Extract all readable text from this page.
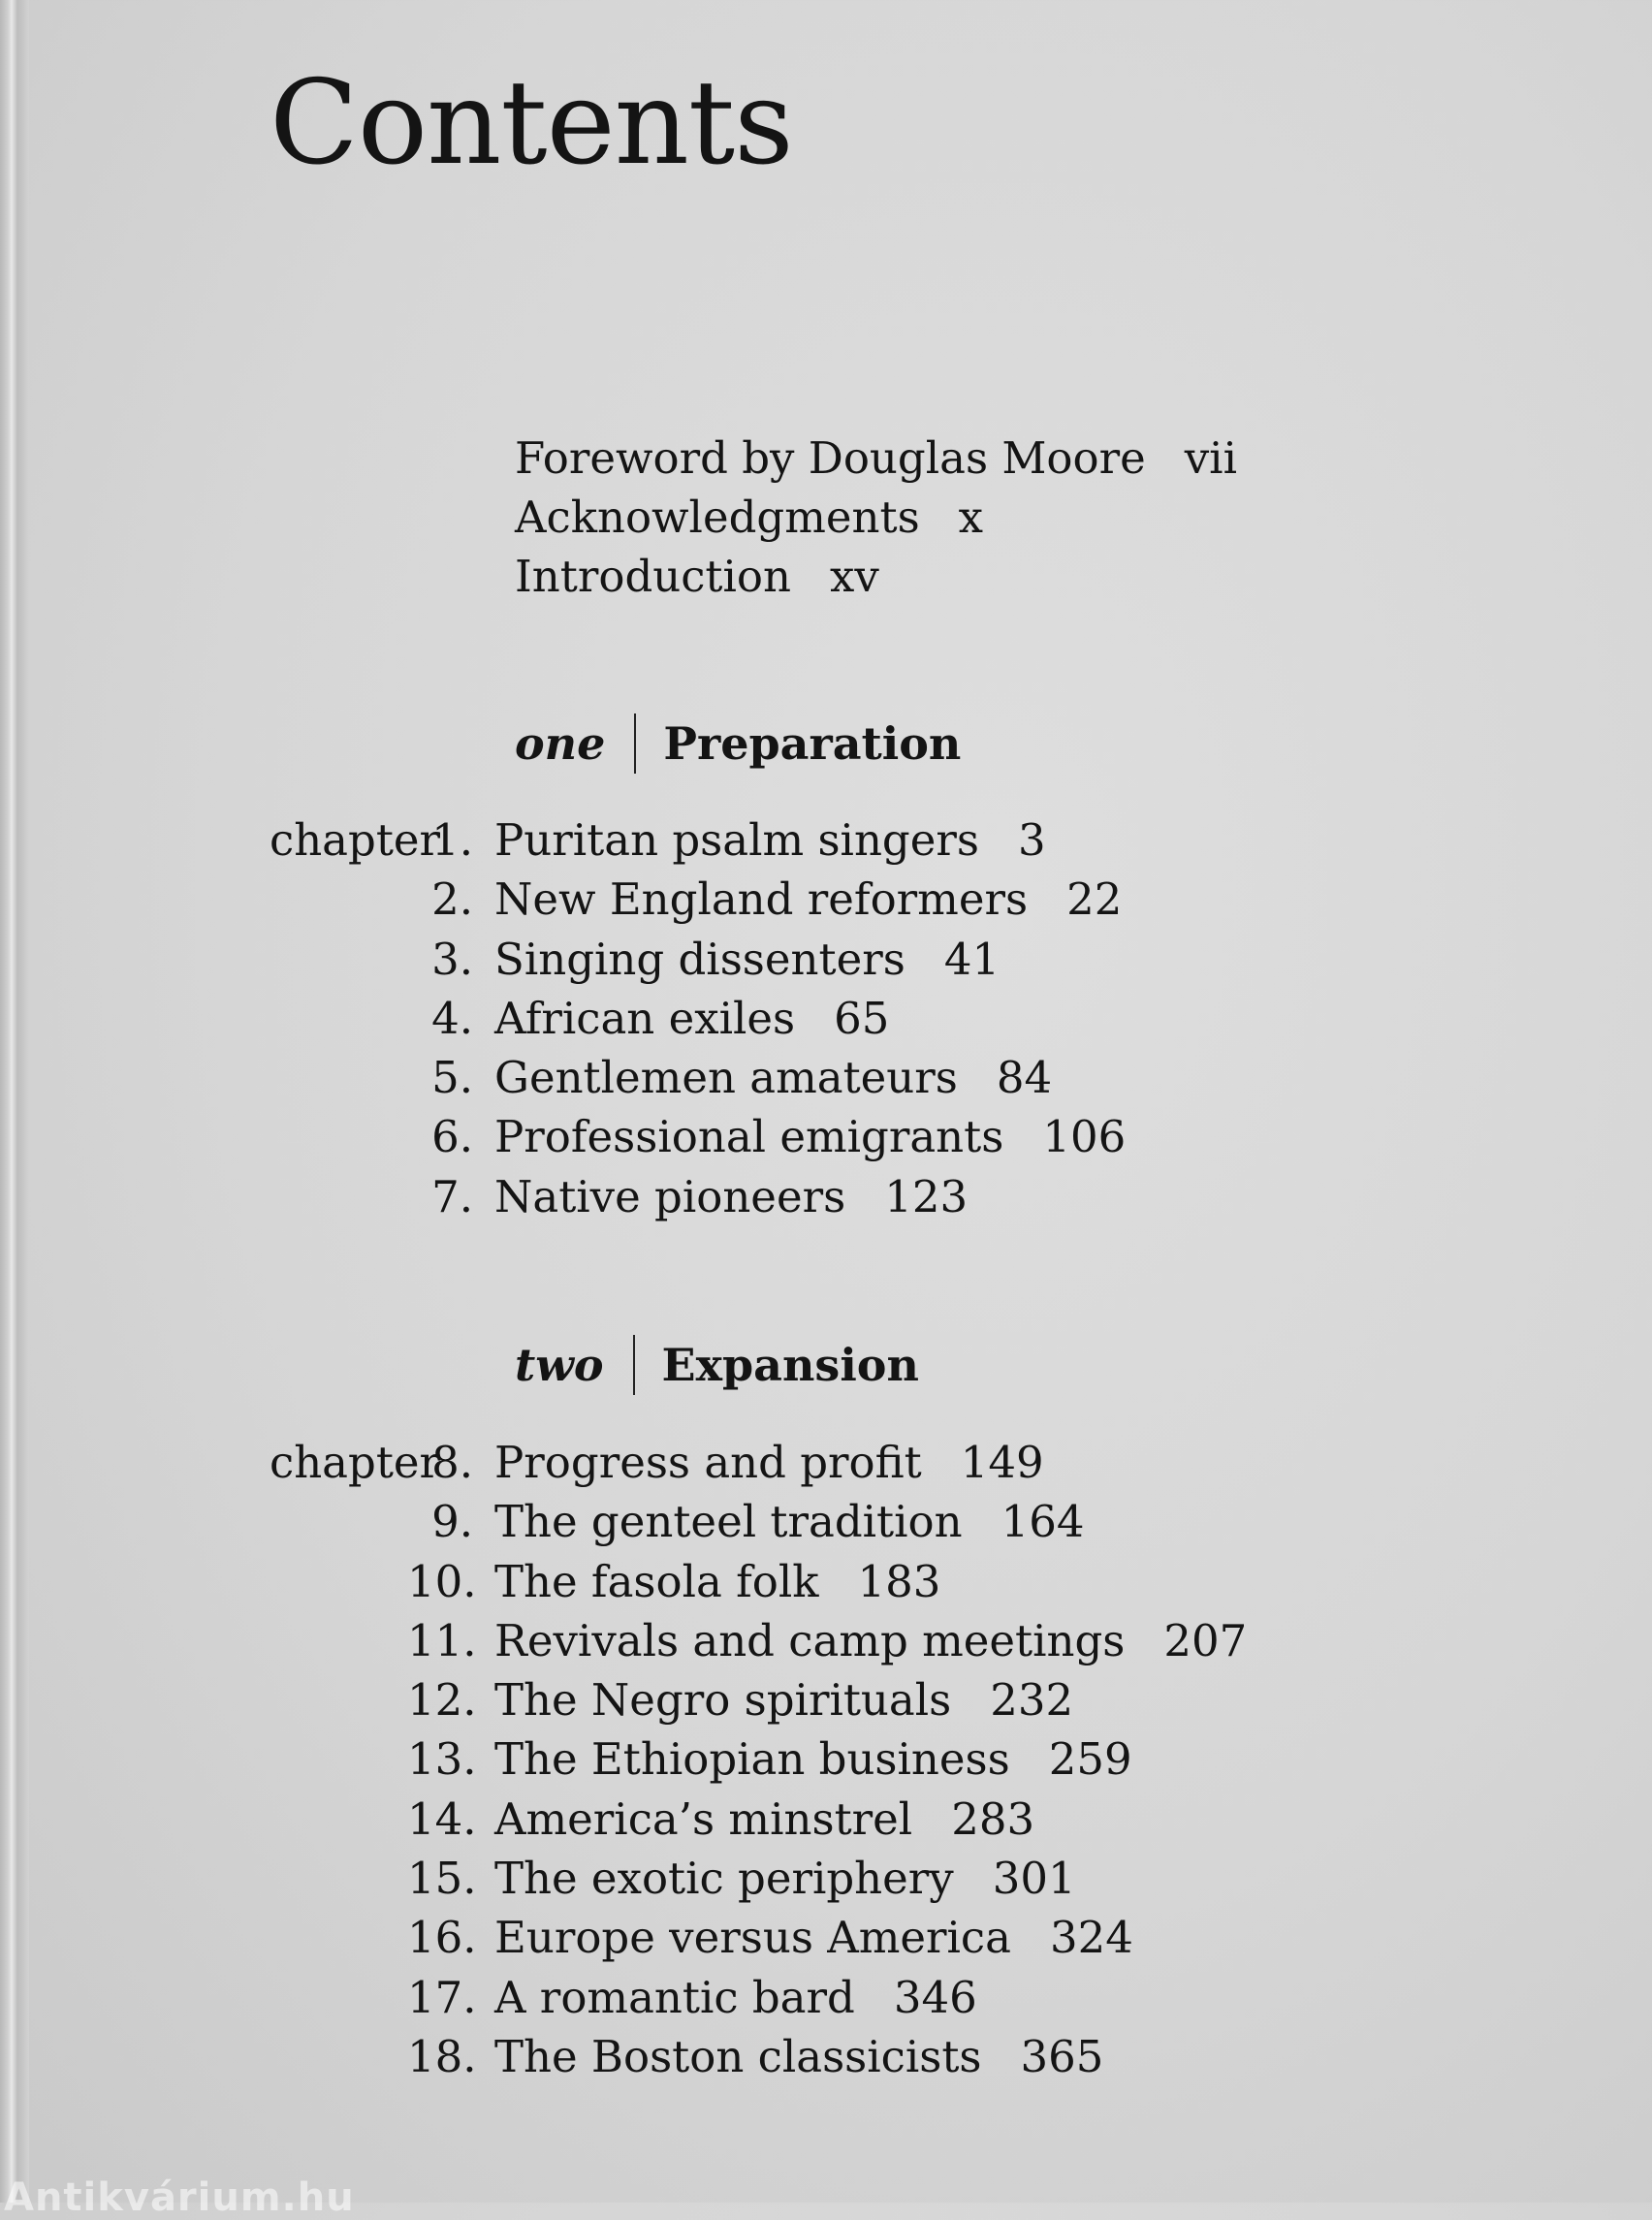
Contents
Foreword by Douglas Moore vii
Acknowledgments x
Introduction xv
one Preparation
chapter
1. Puritan psalm singers 3
2. New England reformers 22
3. Singing dissenters 41
4. African exiles 65
5. Gentlemen amateurs 84
6. Professional emigrants 106
7. Native pioneers 123
two Expansion
chapter
8. Progress and profit 149
9. The genteel tradition 164
10. The fasola folk 183
11. Revivals and camp meetings 207
12. The Negro spirituals 232
13. The Ethiopian business 259
14. America’s minstrel 283
15. The exotic periphery 301
16. Europe versus America 324
17. A romantic bard 346
18. The Boston classicists 365
Antikvárium.hu
